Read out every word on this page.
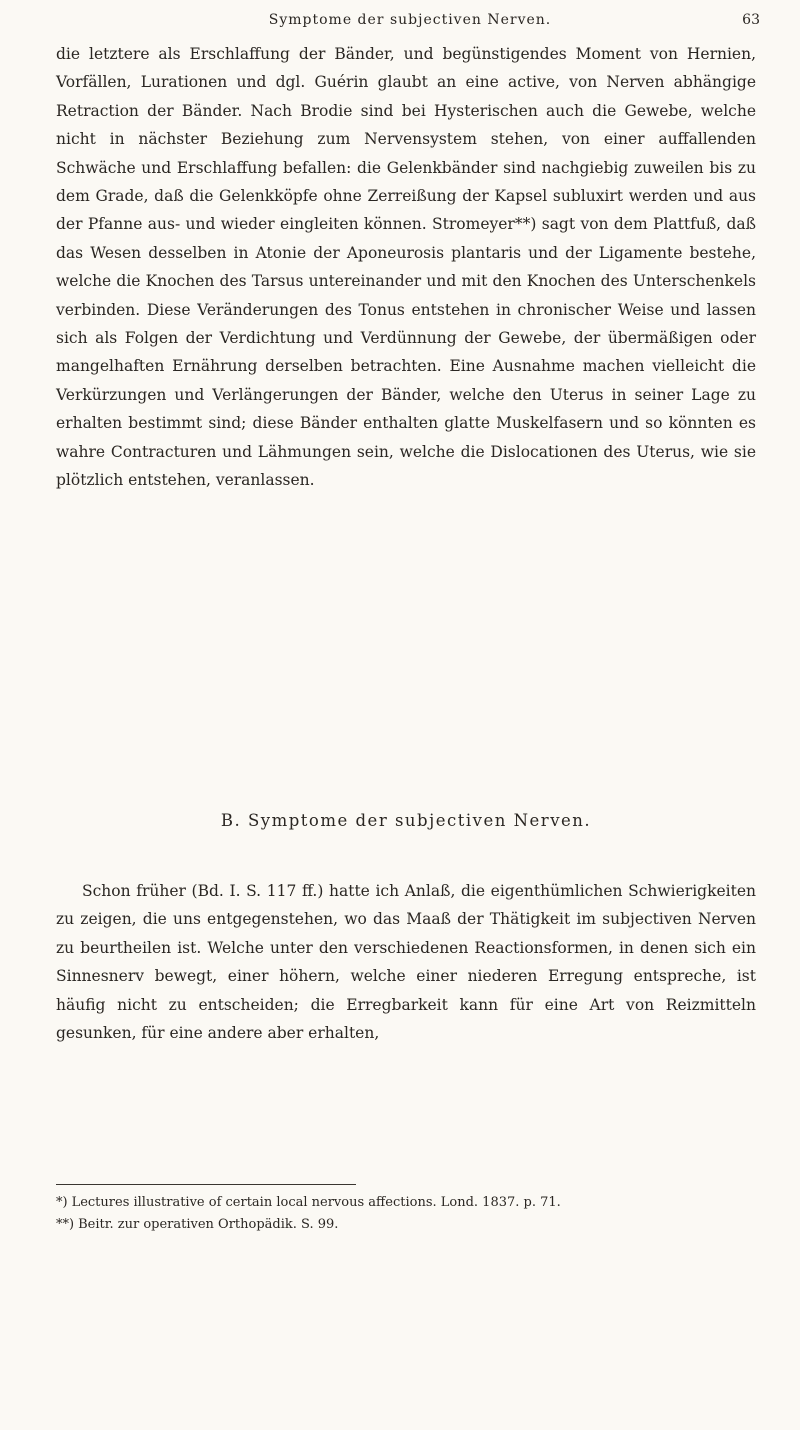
Symptome der subjectiven Nerven.	63

die letztere als Erschlaffung der Bänder, und begünstigendes Moment von Hernien, Vorfällen, Lurationen und dgl. Guérin glaubt an eine active, von Nerven abhängige Retraction der Bänder. Nach Brodie sind bei Hysterischen auch die Gewebe, welche nicht in nächster Beziehung zum Nervensystem stehen, von einer auffallenden Schwäche und Erschlaffung befallen: die Gelenkbänder sind nachgiebig zuweilen bis zu dem Grade, daß die Gelenkköpfe ohne Zerreißung der Kapsel subluxirt werden und aus der Pfanne aus- und wieder eingleiten können. Stromeyer**) sagt von dem Plattfuß, daß das Wesen desselben in Atonie der Aponeurosis plantaris und der Ligamente bestehe, welche die Knochen des Tarsus untereinander und mit den Knochen des Unterschenkels verbinden. Diese Veränderungen des Tonus entstehen in chronischer Weise und lassen sich als Folgen der Verdichtung und Verdünnung der Gewebe, der übermäßigen oder mangelhaften Ernährung derselben betrachten. Eine Ausnahme machen vielleicht die Verkürzungen und Verlängerungen der Bänder, welche den Uterus in seiner Lage zu erhalten bestimmt sind; diese Bänder enthalten glatte Muskelfasern und so könnten es wahre Contracturen und Lähmungen sein, welche die Dislocationen des Uterus, wie sie plötzlich entstehen, veranlassen.

B. Symptome der subjectiven Nerven.
Schon früher (Bd. I. S. 117 ff.) hatte ich Anlaß, die eigenthümlichen Schwierigkeiten zu zeigen, die uns entgegenstehen, wo das Maaß der Thätigkeit im subjectiven Nerven zu beurtheilen ist. Welche unter den verschiedenen Reactionsformen, in denen sich ein Sinnesnerv bewegt, einer höhern, welche einer niederen Erregung entspreche, ist häufig nicht zu entscheiden; die Erregbarkeit kann für eine Art von Reizmitteln gesunken, für eine andere aber erhalten,
*) Lectures illustrative of certain local nervous affections. Lond. 1837. p. 71.
**) Beitr. zur operativen Orthopädik. S. 99.
